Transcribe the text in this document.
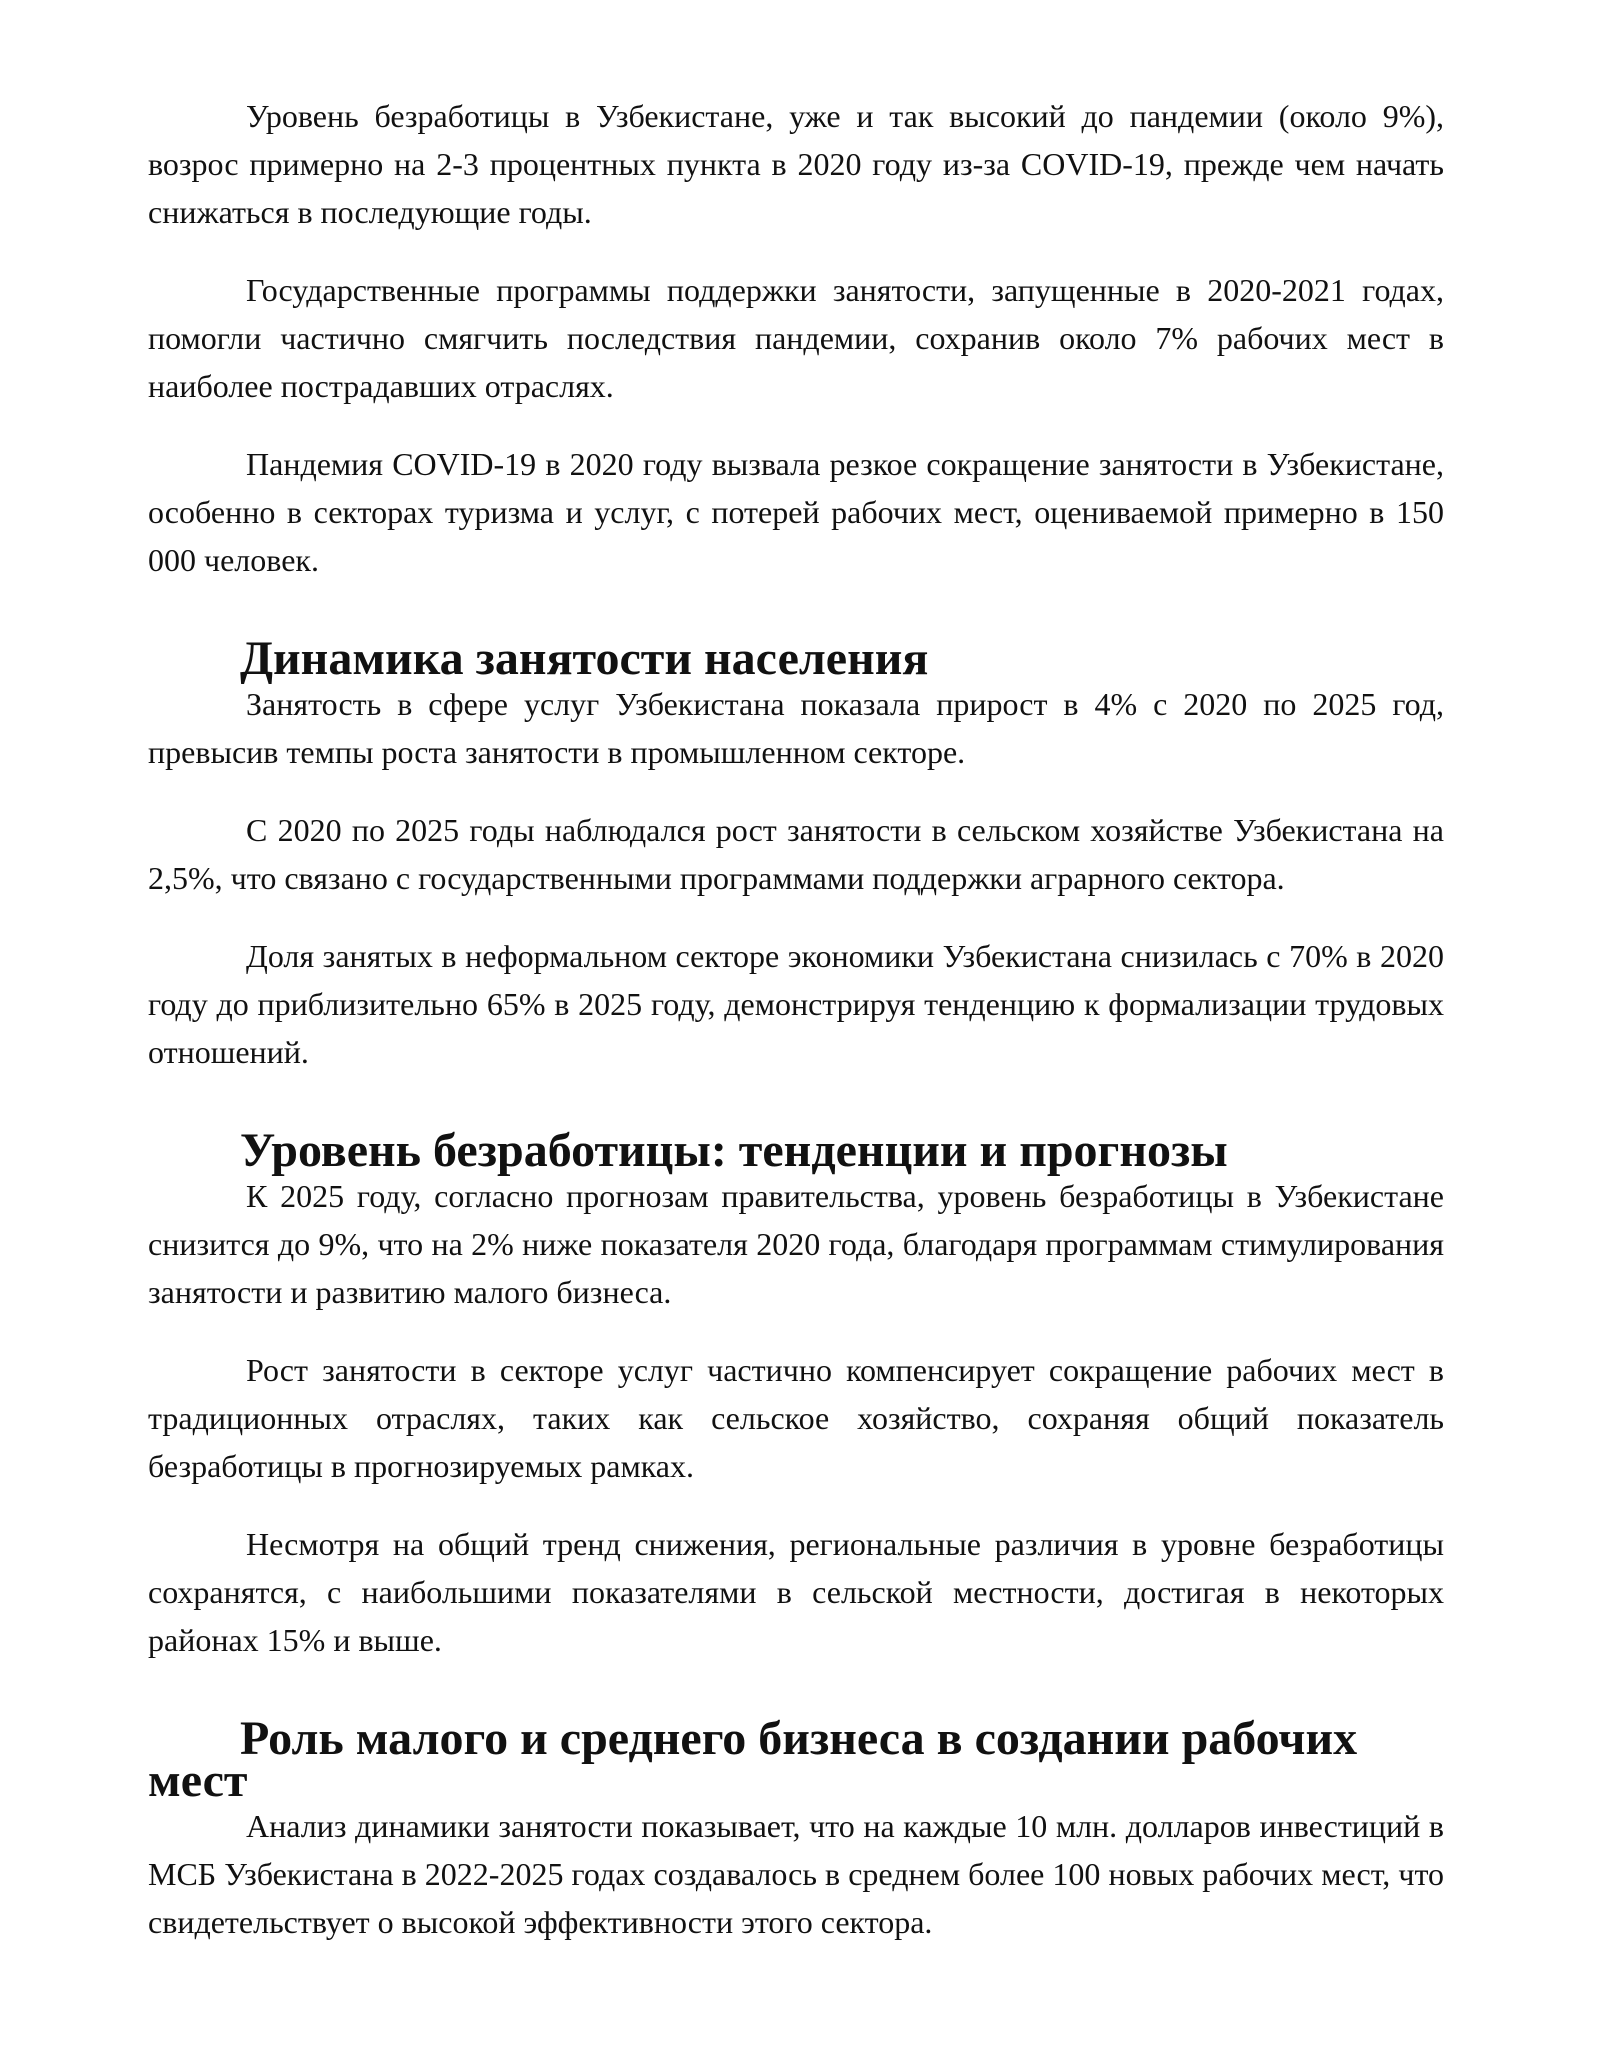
Уровень безработицы в Узбекистане, уже и так высокий до пандемии (около 9%), возрос примерно на 2-3 процентных пункта в 2020 году из-за COVID-19, прежде чем начать снижаться в последующие годы.

Государственные программы поддержки занятости, запущенные в 2020-2021 годах, помогли частично смягчить последствия пандемии, сохранив около 7% рабочих мест в наиболее пострадавших отраслях.

Пандемия COVID-19 в 2020 году вызвала резкое сокращение занятости в Узбекистане, особенно в секторах туризма и услуг, с потерей рабочих мест, оцениваемой примерно в 150 000 человек.

Динамика занятости населения

Занятость в сфере услуг Узбекистана показала прирост в 4% с 2020 по 2025 год, превысив темпы роста занятости в промышленном секторе.

С 2020 по 2025 годы наблюдался рост занятости в сельском хозяйстве Узбекистана на 2,5%, что связано с государственными программами поддержки аграрного сектора.

Доля занятых в неформальном секторе экономики Узбекистана снизилась с 70% в 2020 году до приблизительно 65% в 2025 году, демонстрируя тенденцию к формализации трудовых отношений.

Уровень безработицы: тенденции и прогнозы

К 2025 году, согласно прогнозам правительства, уровень безработицы в Узбекистане снизится до 9%, что на 2% ниже показателя 2020 года, благодаря программам стимулирования занятости и развитию малого бизнеса.

Рост занятости в секторе услуг частично компенсирует сокращение рабочих мест в традиционных отраслях, таких как сельское хозяйство, сохраняя общий показатель безработицы в прогнозируемых рамках.

Несмотря на общий тренд снижения, региональные различия в уровне безработицы сохранятся, с наибольшими показателями в сельской местности, достигая в некоторых районах 15% и выше.

Роль малого и среднего бизнеса в создании рабочих мест

Анализ динамики занятости показывает, что на каждые 10 млн. долларов инвестиций в МСБ Узбекистана в 2022-2025 годах создавалось в среднем более 100 новых рабочих мест, что свидетельствует о высокой эффективности этого сектора.
